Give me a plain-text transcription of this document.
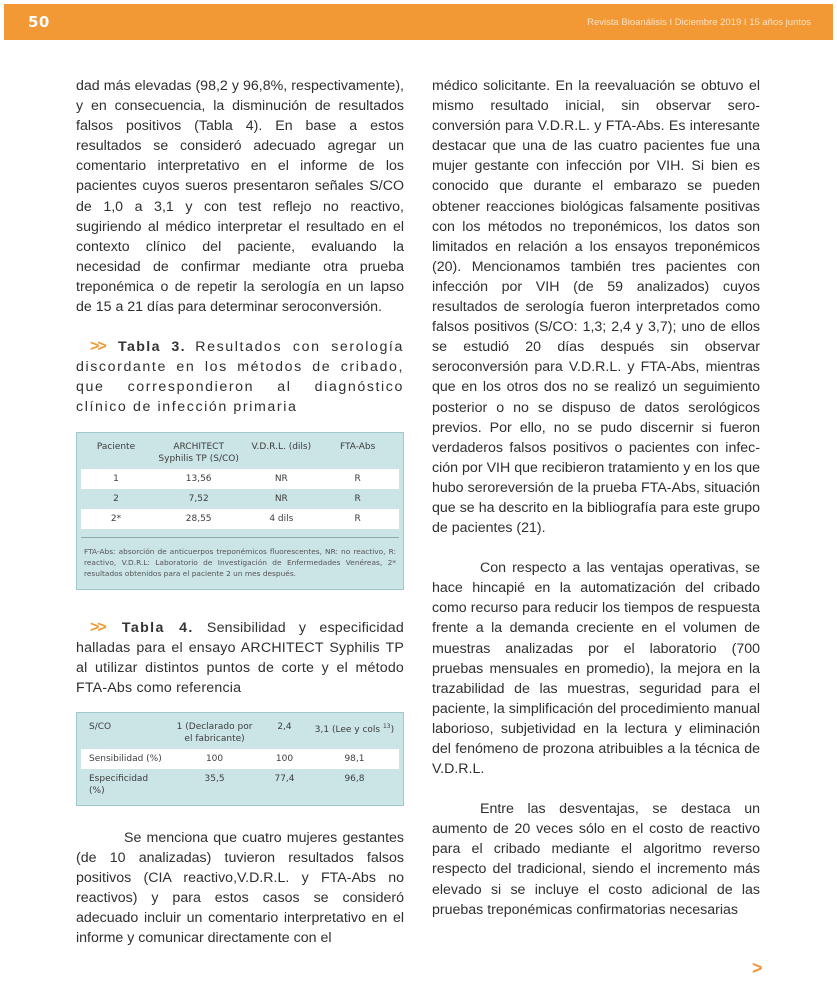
50	Revista Bioanálisis I Diciembre 2019 I 15 años juntos

dad más elevadas (98,2 y 96,8%, respectivamente), y en consecuencia, la disminución de resultados falsos positivos (Tabla 4). En base a estos resultados se consideró adecuado agregar un comentario interpretativo en el informe de los pacientes cuyos sueros presentaron señales S/CO de 1,0 a 3,1 y con test reflejo no reactivo, sugiriendo al médico interpretar el resultado en el contexto clínico del paciente, evaluando la necesidad de confirmar mediante otra prueba treponémica o de repetir la serología en un lapso de 15 a 21 días para determinar seroconversión.

>> Tabla 3. Resultados con serología discordante en los métodos de cribado, que correspondieron al diagnóstico clínico de infección primaria

Paciente	ARCHITECT Syphilis TP (S/CO)	V.D.R.L. (dils)	FTA-Abs
1	13,56	NR	R
2	7,52	NR	R
2*	28,55	4 dils	R
FTA-Abs: absorción de anticuerpos treponémicos fluorescentes, NR: no reactivo, R: reactivo, V.D.R.L: Laboratorio de Investigación de Enfermedades Venéreas, 2* resultados obtenidos para el paciente 2 un mes después.

>> Tabla 4. Sensibilidad y especificidad halladas para el ensayo ARCHITECT Syphilis TP al utilizar distintos puntos de corte y el método FTA-Abs como referencia

S/CO	1 (Declarado por el fabricante)	2,4	3,1 (Lee y cols $^{13}$)
Sensibilidad (%)	100	100	98,1
Especificidad (%)	35,5	77,4	96,8

Se menciona que cuatro mujeres gestantes (de 10 analizadas) tuvieron resultados falsos positivos (CIA reactivo,V.D.R.L. y FTA-Abs no reactivos) y para estos casos se consideró adecuado incluir un comentario interpretativo en el informe y comunicar directamente con el

médico solicitante. En la reevaluación se obtuvo el mismo resultado inicial, sin observar sero-conversión para V.D.R.L. y FTA-Abs. Es interesante destacar que una de las cuatro pacientes fue una mujer gestante con infección por VIH. Si bien es conocido que durante el embarazo se pueden obtener reacciones biológicas falsamente positivas con los métodos no treponémicos, los datos son limitados en relación a los ensayos treponémicos (20). Mencionamos también tres pacientes con infección por VIH (de 59 analizados) cuyos resultados de serología fueron interpretados como falsos positivos (S/CO: 1,3; 2,4 y 3,7); uno de ellos se estudió 20 días después sin observar seroconversión para V.D.R.L. y FTA-Abs, mientras que en los otros dos no se realizó un seguimiento posterior o no se dispuso de datos serológicos previos. Por ello, no se pudo discernir si fueron verdaderos falsos positivos o pacientes con infec- ción por VIH que recibieron tratamiento y en los que hubo seroreversión de la prueba FTA-Abs, situación que se ha descrito en la bibliografía para este grupo de pacientes (21).

Con respecto a las ventajas operativas, se hace hincapié en la automatización del cribado como recurso para reducir los tiempos de respuesta frente a la demanda creciente en el volumen de muestras analizadas por el laboratorio (700 pruebas mensuales en promedio), la mejora en la trazabilidad de las muestras, seguridad para el paciente, la simplificación del procedimiento manual laborioso, subjetividad en la lectura y eliminación del fenómeno de prozona atribuibles a la técnica de V.D.R.L.

Entre las desventajas, se destaca un aumento de 20 veces sólo en el costo de reactivo para el cribado mediante el algoritmo reverso respecto del tradicional, siendo el incremento más elevado si se incluye el costo adicional de las pruebas treponémicas confirmatorias necesarias

>
